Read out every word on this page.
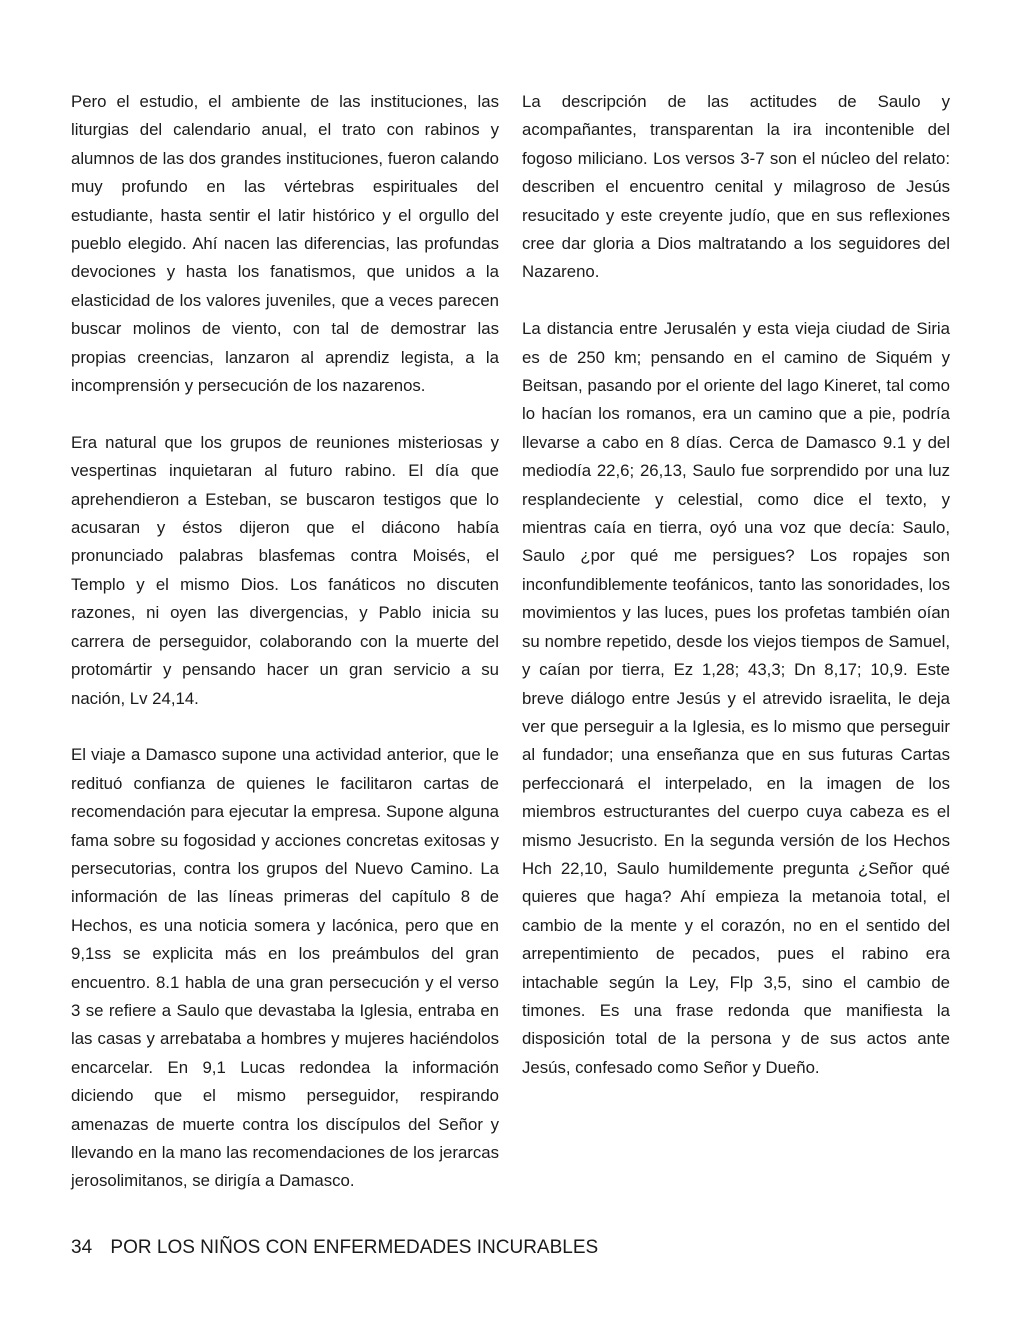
Pero el estudio, el ambiente de las instituciones, las liturgias del calendario anual, el trato con rabinos y alumnos de las dos grandes instituciones, fueron calando muy profundo en las vértebras espirituales del estudiante, hasta sentir el latir histórico y el orgullo del pueblo elegido. Ahí nacen las diferencias, las profundas devociones y hasta los fanatismos, que unidos a la elasticidad de los valores juveniles, que a veces parecen buscar molinos de viento, con tal de demostrar las propias creencias, lanzaron al aprendiz legista, a la incomprensión y persecución de los nazarenos.

Era natural que los grupos de reuniones misteriosas y vespertinas inquietaran al futuro rabino. El día que aprehendieron a Esteban, se buscaron testigos que lo acusaran y éstos dijeron que el diácono había pronunciado palabras blasfemas contra Moisés, el Templo y el mismo Dios. Los fanáticos no discuten razones, ni oyen las divergencias, y Pablo inicia su carrera de perseguidor, colaborando con la muerte del protomártir y pensando hacer un gran servicio a su nación, Lv 24,14.

El viaje a Damasco supone una actividad anterior, que le redituó confianza de quienes le facilitaron cartas de recomendación para ejecutar la empresa. Supone alguna fama sobre su fogosidad y acciones concretas exitosas y persecutorias, contra los grupos del Nuevo Camino. La información de las líneas primeras del capítulo 8 de Hechos, es una noticia somera y lacónica, pero que en 9,1ss se explicita más en los preámbulos del gran encuentro. 8.1 habla de una gran persecución y el verso 3 se refiere a Saulo que devastaba la Iglesia, entraba en las casas y arrebataba a hombres y mujeres haciéndolos encarcelar. En 9,1 Lucas redondea la información diciendo que el mismo perseguidor, respirando amenazas de muerte contra los discípulos del Señor y llevando en la mano las recomendaciones de los jerarcas jerosolimitanos, se dirigía a Damasco.

La descripción de las actitudes de Saulo y acompañantes, transparentan la ira incontenible del fogoso miliciano. Los versos 3-7 son el núcleo del relato: describen el encuentro cenital y milagroso de Jesús resucitado y este creyente judío, que en sus reflexiones cree dar gloria a Dios maltratando a los seguidores del Nazareno.

La distancia entre Jerusalén y esta vieja ciudad de Siria es de 250 km; pensando en el camino de Siquém y Beitsan, pasando por el oriente del lago Kineret, tal como lo hacían los romanos, era un camino que a pie, podría llevarse a cabo en 8 días. Cerca de Damasco 9.1 y del mediodía 22,6; 26,13, Saulo fue sorprendido por una luz resplandeciente y celestial, como dice el texto, y mientras caía en tierra, oyó una voz que decía: Saulo, Saulo ¿por qué me persigues? Los ropajes son inconfundiblemente teofánicos, tanto las sonoridades, los movimientos y las luces, pues los profetas también oían su nombre repetido, desde los viejos tiempos de Samuel, y caían por tierra, Ez 1,28; 43,3; Dn 8,17; 10,9. Este breve diálogo entre Jesús y el atrevido israelita, le deja ver que perseguir a la Iglesia, es lo mismo que perseguir al fundador; una enseñanza que en sus futuras Cartas perfeccionará el interpelado, en la imagen de los miembros estructurantes del cuerpo cuya cabeza es el mismo Jesucristo. En la segunda versión de los Hechos Hch 22,10, Saulo humildemente pregunta ¿Señor qué quieres que haga? Ahí empieza la metanoia total, el cambio de la mente y el corazón, no en el sentido del arrepentimiento de pecados, pues el rabino era intachable según la Ley, Flp 3,5, sino el cambio de timones. Es una frase redonda que manifiesta la disposición total de la persona y de sus actos ante Jesús, confesado como Señor y Dueño.

34 POR LOS NIÑOS CON ENFERMEDADES INCURABLES
